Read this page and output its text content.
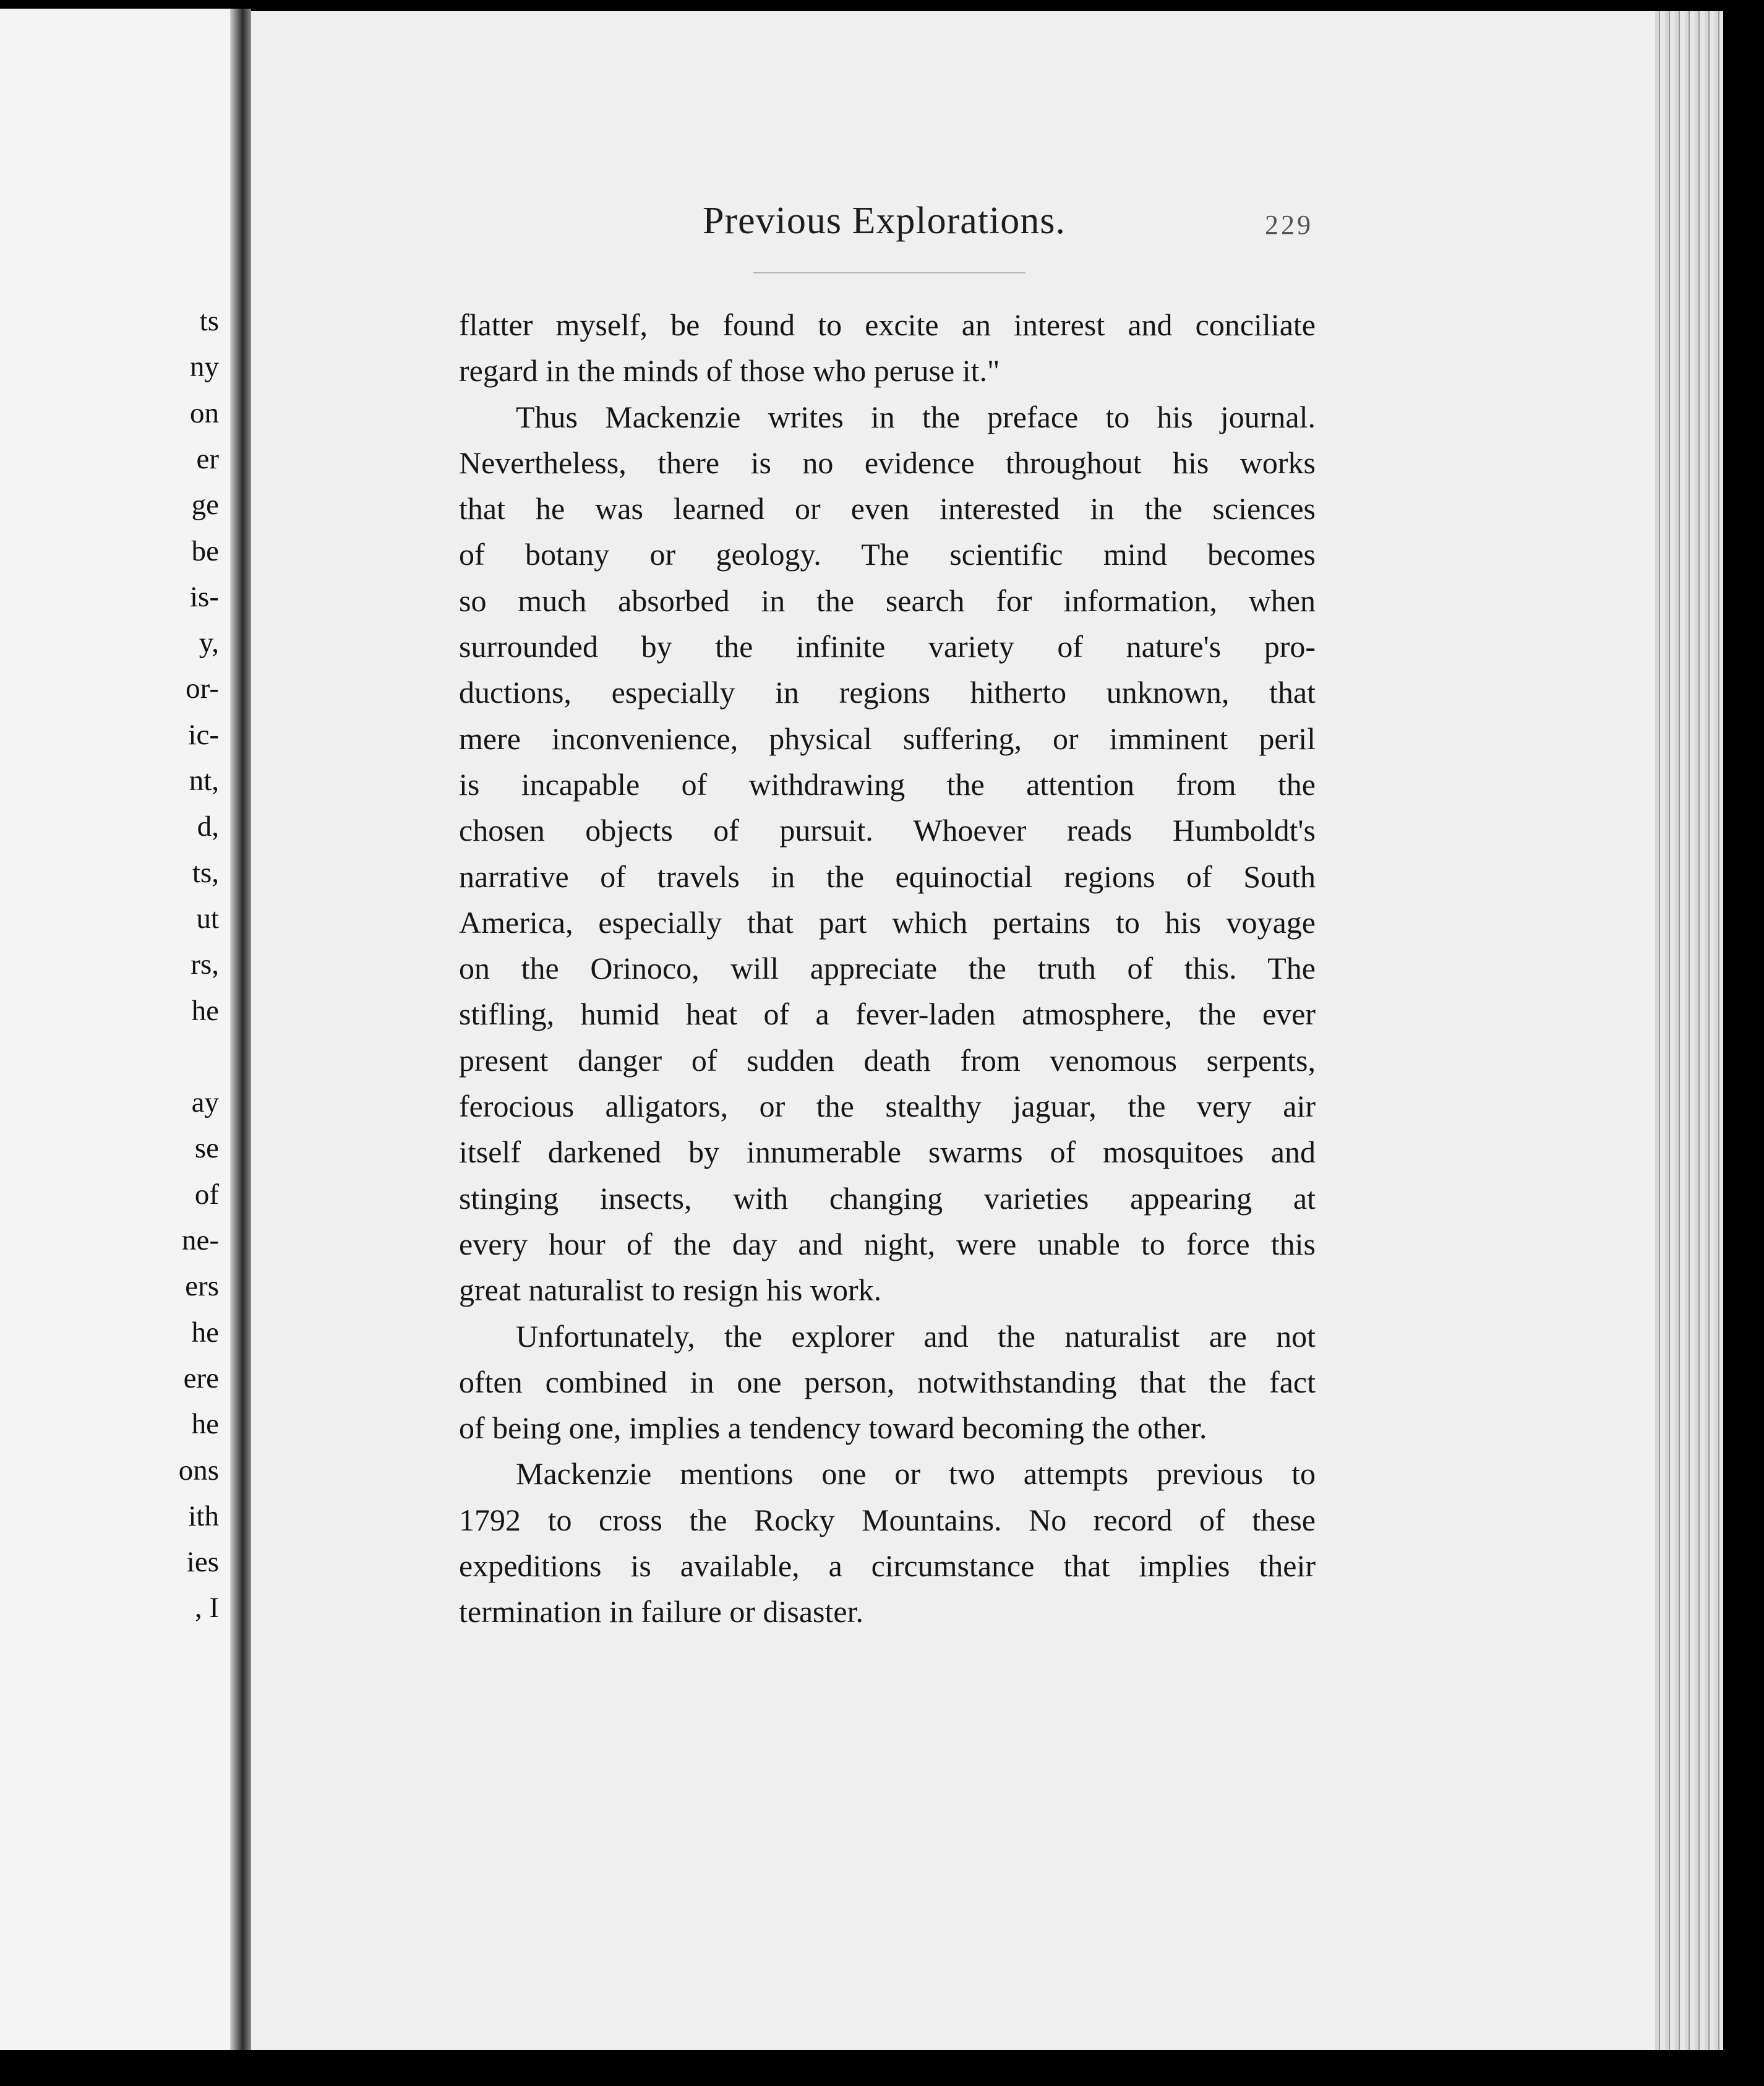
ts
ny
on
er
ge
be
is-
y,
or-
ic-
nt,
d,
ts,
ut
rs,
he
ay
se
of
ne-
ers
he
ere
he
ons
ith
ies
, I
Previous Explorations.	229
flatter myself, be found to excite an interest and conciliate
regard in the minds of those who peruse it."
Thus Mackenzie writes in the preface to his journal.
Nevertheless, there is no evidence throughout his works
that he was learned or even interested in the sciences
of botany or geology. The scientific mind becomes
so much absorbed in the search for information, when
surrounded by the infinite variety of nature's pro-
ductions, especially in regions hitherto unknown, that
mere inconvenience, physical suffering, or imminent peril
is incapable of withdrawing the attention from the
chosen objects of pursuit. Whoever reads Humboldt's
narrative of travels in the equinoctial regions of South
America, especially that part which pertains to his voyage
on the Orinoco, will appreciate the truth of this. The
stifling, humid heat of a fever-laden atmosphere, the ever
present danger of sudden death from venomous serpents,
ferocious alligators, or the stealthy jaguar, the very air
itself darkened by innumerable swarms of mosquitoes and
stinging insects, with changing varieties appearing at
every hour of the day and night, were unable to force this
great naturalist to resign his work.
Unfortunately, the explorer and the naturalist are not
often combined in one person, notwithstanding that the fact
of being one, implies a tendency toward becoming the other.
Mackenzie mentions one or two attempts previous to
1792 to cross the Rocky Mountains. No record of these
expeditions is available, a circumstance that implies their
termination in failure or disaster.
